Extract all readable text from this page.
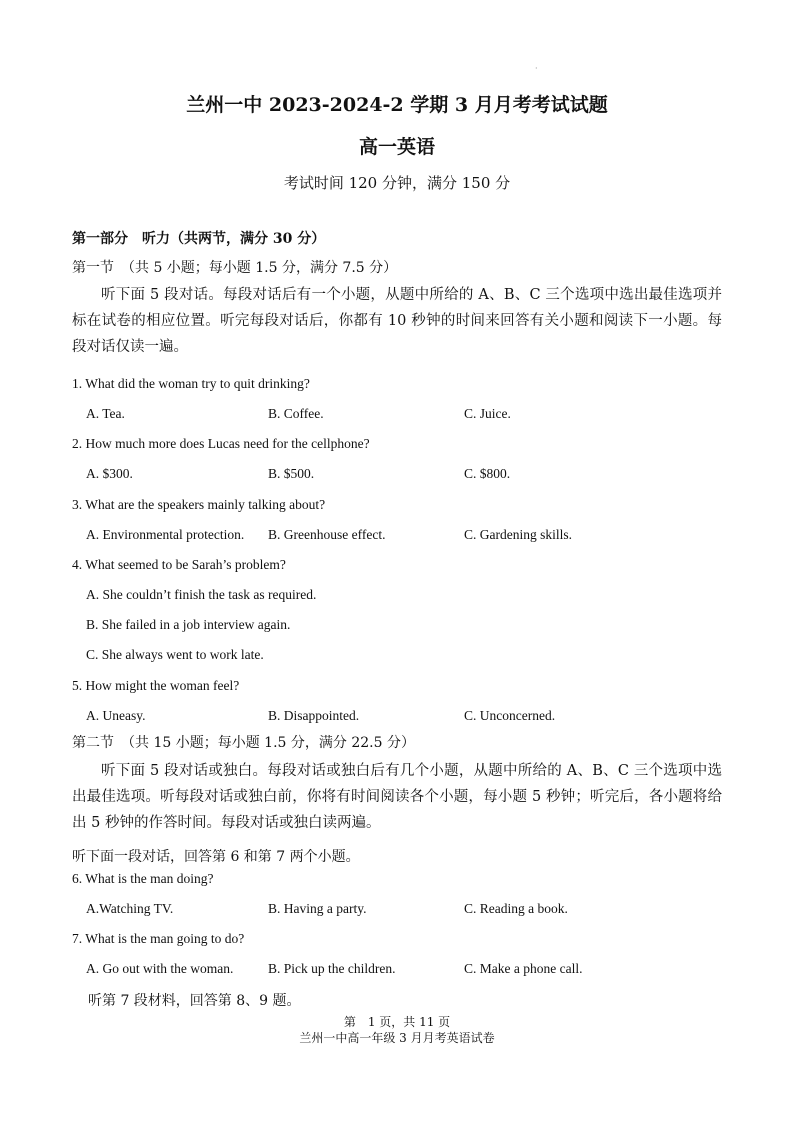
·
兰州一中 2023-2024-2 学期 3 月月考考试试题
高一英语
考试时间 120 分钟，满分 150 分
第一部分　听力（共两节，满分 30 分）
第一节　（共 5 小题；每小题 1.5 分，满分 7.5 分）
听下面 5 段对话。每段对话后有一个小题，从题中所给的 A、B、C 三个选项中选出最佳选项并标在试卷的相应位置。听完每段对话后，你都有 10 秒钟的时间来回答有关小题和阅读下一小题。每段对话仅读一遍。
1. What did the woman try to quit drinking?
A. Tea.	B. Coffee.	C. Juice.
2. How much more does Lucas need for the cellphone?
A. $300.	B. $500.	C. $800.
3. What are the speakers mainly talking about?
A. Environmental protection. B. Greenhouse effect.	C. Gardening skills.
4. What seemed to be Sarah’s problem?
A. She couldn’t finish the task as required.
B. She failed in a job interview again.
C. She always went to work late.
5. How might the woman feel?
A. Uneasy.	B. Disappointed.	C. Unconcerned.
第二节　（共 15 小题；每小题 1.5 分，满分 22.5 分）
听下面 5 段对话或独白。每段对话或独白后有几个小题，从题中所给的 A、B、C 三个选项中选出最佳选项。听每段对话或独白前，你将有时间阅读各个小题，每小题 5 秒钟；听完后，各小题将给出 5 秒钟的作答时间。每段对话或独白读两遍。
听下面一段对话，回答第 6 和第 7 两个小题。
6. What is the man doing?
A.Watching TV.	B. Having a party.	C. Reading a book.
7. What is the man going to do?
A. Go out with the woman.	B. Pick up the children.	C. Make a phone call.
听第 7 段材料，回答第 8、9 题。
第　1 页，共 11 页
兰州一中高一年级 3 月月考英语试卷
